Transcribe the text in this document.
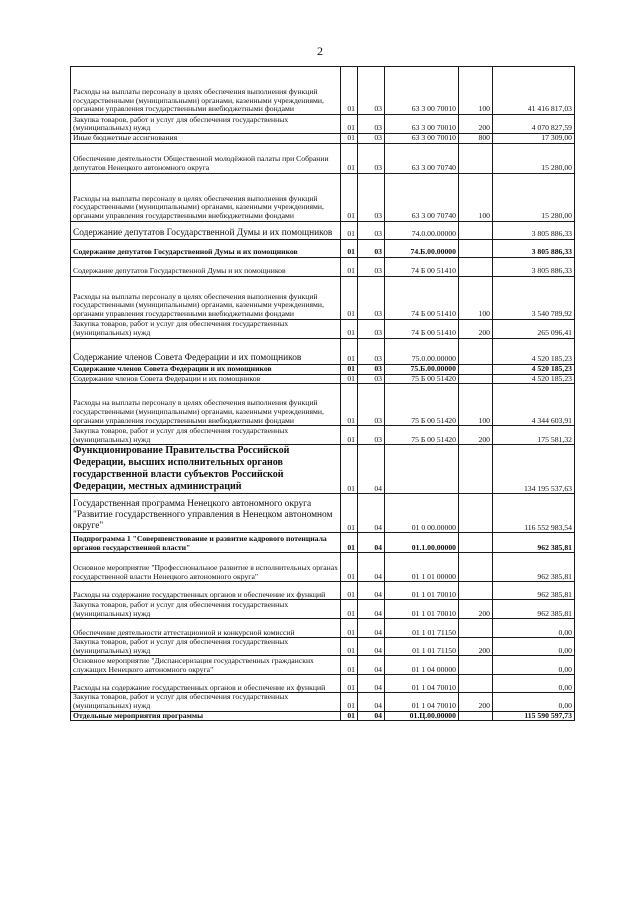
2
Расходы на выплаты персоналу в целях обеспечения выполнения функций государственными (муниципальными) органами, казенными учреждениями, органами управления государственными внебюджетными фондами	01	03	63 3 00 70010	100	41 416 817,03
Закупка товаров, работ и услуг для обеспечения государственных (муниципальных) нужд	01	03	63 3 00 70010	200	4 070 827,59
Иные бюджетные ассигнования	01	03	63 3 00 70010	800	17 309,00
Обеспечение деятельности Общественной молодёжной палаты при Собрании депутатов Ненецкого автономного округа	01	03	63 3 00 70740		15 280,00
Расходы на выплаты персоналу в целях обеспечения выполнения функций государственными (муниципальными) органами, казенными учреждениями, органами управления государственными внебюджетными фондами	01	03	63 3 00 70740	100	15 280,00
Содержание депутатов Государственной Думы и их помощников	01	03	74.0.00.00000		3 805 886,33
Содержание депутатов Государственной Думы и их помощников	01	03	74.Б.00.00000		3 805 886,33
Содержание депутатов Государственной Думы и их помощников	01	03	74 Б 00 51410		3 805 886,33
Расходы на выплаты персоналу в целях обеспечения выполнения функций государственными (муниципальными) органами, казенными учреждениями, органами управления государственными внебюджетными фондами	01	03	74 Б 00 51410	100	3 540 789,92
Закупка товаров, работ и услуг для обеспечения государственных (муниципальных) нужд	01	03	74 Б 00 51410	200	265 096,41
Содержание членов Совета Федерации и их помощников	01	03	75.0.00.00000		4 520 185,23
Содержание членов Совета Федерации и их помощников	01	03	75.Б.00.00000		4 520 185,23
Содержание членов Совета Федерации и их помощников	01	03	75 Б 00 51420		4 520 185,23
Расходы на выплаты персоналу в целях обеспечения выполнения функций государственными (муниципальными) органами, казенными учреждениями, органами управления государственными внебюджетными фондами	01	03	75 Б 00 51420	100	4 344 603,91
Закупка товаров, работ и услуг для обеспечения государственных (муниципальных) нужд	01	03	75 Б 00 51420	200	175 581,32
Функционирование Правительства Российской Федерации, высших исполнительных органов государственной власти субъектов Российской Федерации, местных администраций	01	04			134 195 537,63
Государственная программа Ненецкого автономного округа "Развитие государственного управления в Ненецком автономном округе"	01	04	01 0 00.00000		116 552 983,54
Подпрограмма 1 "Совершенствование и развитие кадрового потенциала органов государственной власти"	01	04	01.1.00.00000		962 385,81
Основное мероприятие "Профессиональное развитие в исполнительных органах государственной власти Ненецкого автономного округа"	01	04	01 1 01 00000		962 385,81
Расходы на содержание государственных органов и обеспечение их функций	01	04	01 1 01 70010		962 385,81
Закупка товаров, работ и услуг для обеспечения государственных (муниципальных) нужд	01	04	01 1 01 70010	200	962 385,81
Обеспечение деятельности аттестационной и конкурсной комиссий	01	04	01 1 01 71150		0,00
Закупка товаров, работ и услуг для обеспечения государственных (муниципальных) нужд	01	04	01 1 01 71150	200	0,00
Основное мероприятие "Диспансеризация государственных гражданских служащих Ненецкого автономного округа"	01	04	01 1 04 00000		0,00
Расходы на содержание государственных органов и обеспечение их функций	01	04	01 1 04 70010		0,00
Закупка товаров, работ и услуг для обеспечения государственных (муниципальных) нужд	01	04	01 1 04 70010	200	0,00
Отдельные мероприятия программы	01	04	01.Ц.00.00000		115 590 597,73
